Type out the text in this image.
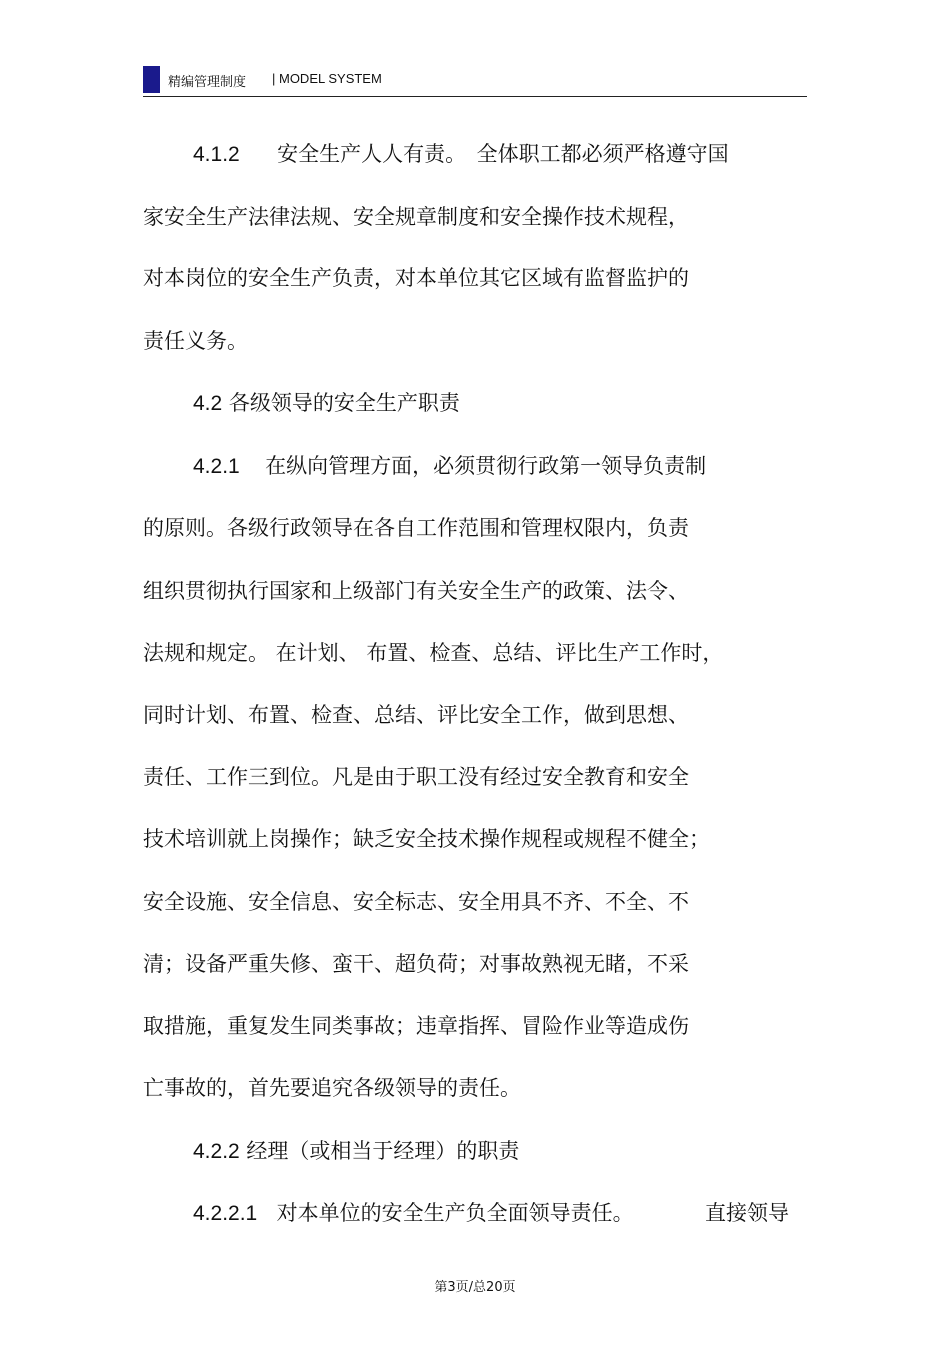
精编管理制度 | MODEL SYSTEM
4.1.2 安全生产人人有责。　全体职工都必须严格遵守国
家安全生产法律法规、安全规章制度和安全操作技术规程，
对本岗位的安全生产负责，对本单位其它区域有监督监护的
责任义务。
4.2 各级领导的安全生产职责
4.2.1 在纵向管理方面，必须贯彻行政第一领导负责制
的原则。各级行政领导在各自工作范围和管理权限内，负责
组织贯彻执行国家和上级部门有关安全生产的政策、法令、
法规和规定。 在计划、 布置、检查、总结、评比生产工作时，
同时计划、布置、检查、总结、评比安全工作，做到思想、
责任、工作三到位。凡是由于职工没有经过安全教育和安全
技术培训就上岗操作；缺乏安全技术操作规程或规程不健全；
安全设施、安全信息、安全标志、安全用具不齐、不全、不
清；设备严重失修、蛮干、超负荷；对事故熟视无睹，不采
取措施，重复发生同类事故；违章指挥、冒险作业等造成伤
亡事故的，首先要追究各级领导的责任。
4.2.2 经理（或相当于经理）的职责
4.2.2.1 对本单位的安全生产负全面领导责任。	直接领导
第3页/总20页
